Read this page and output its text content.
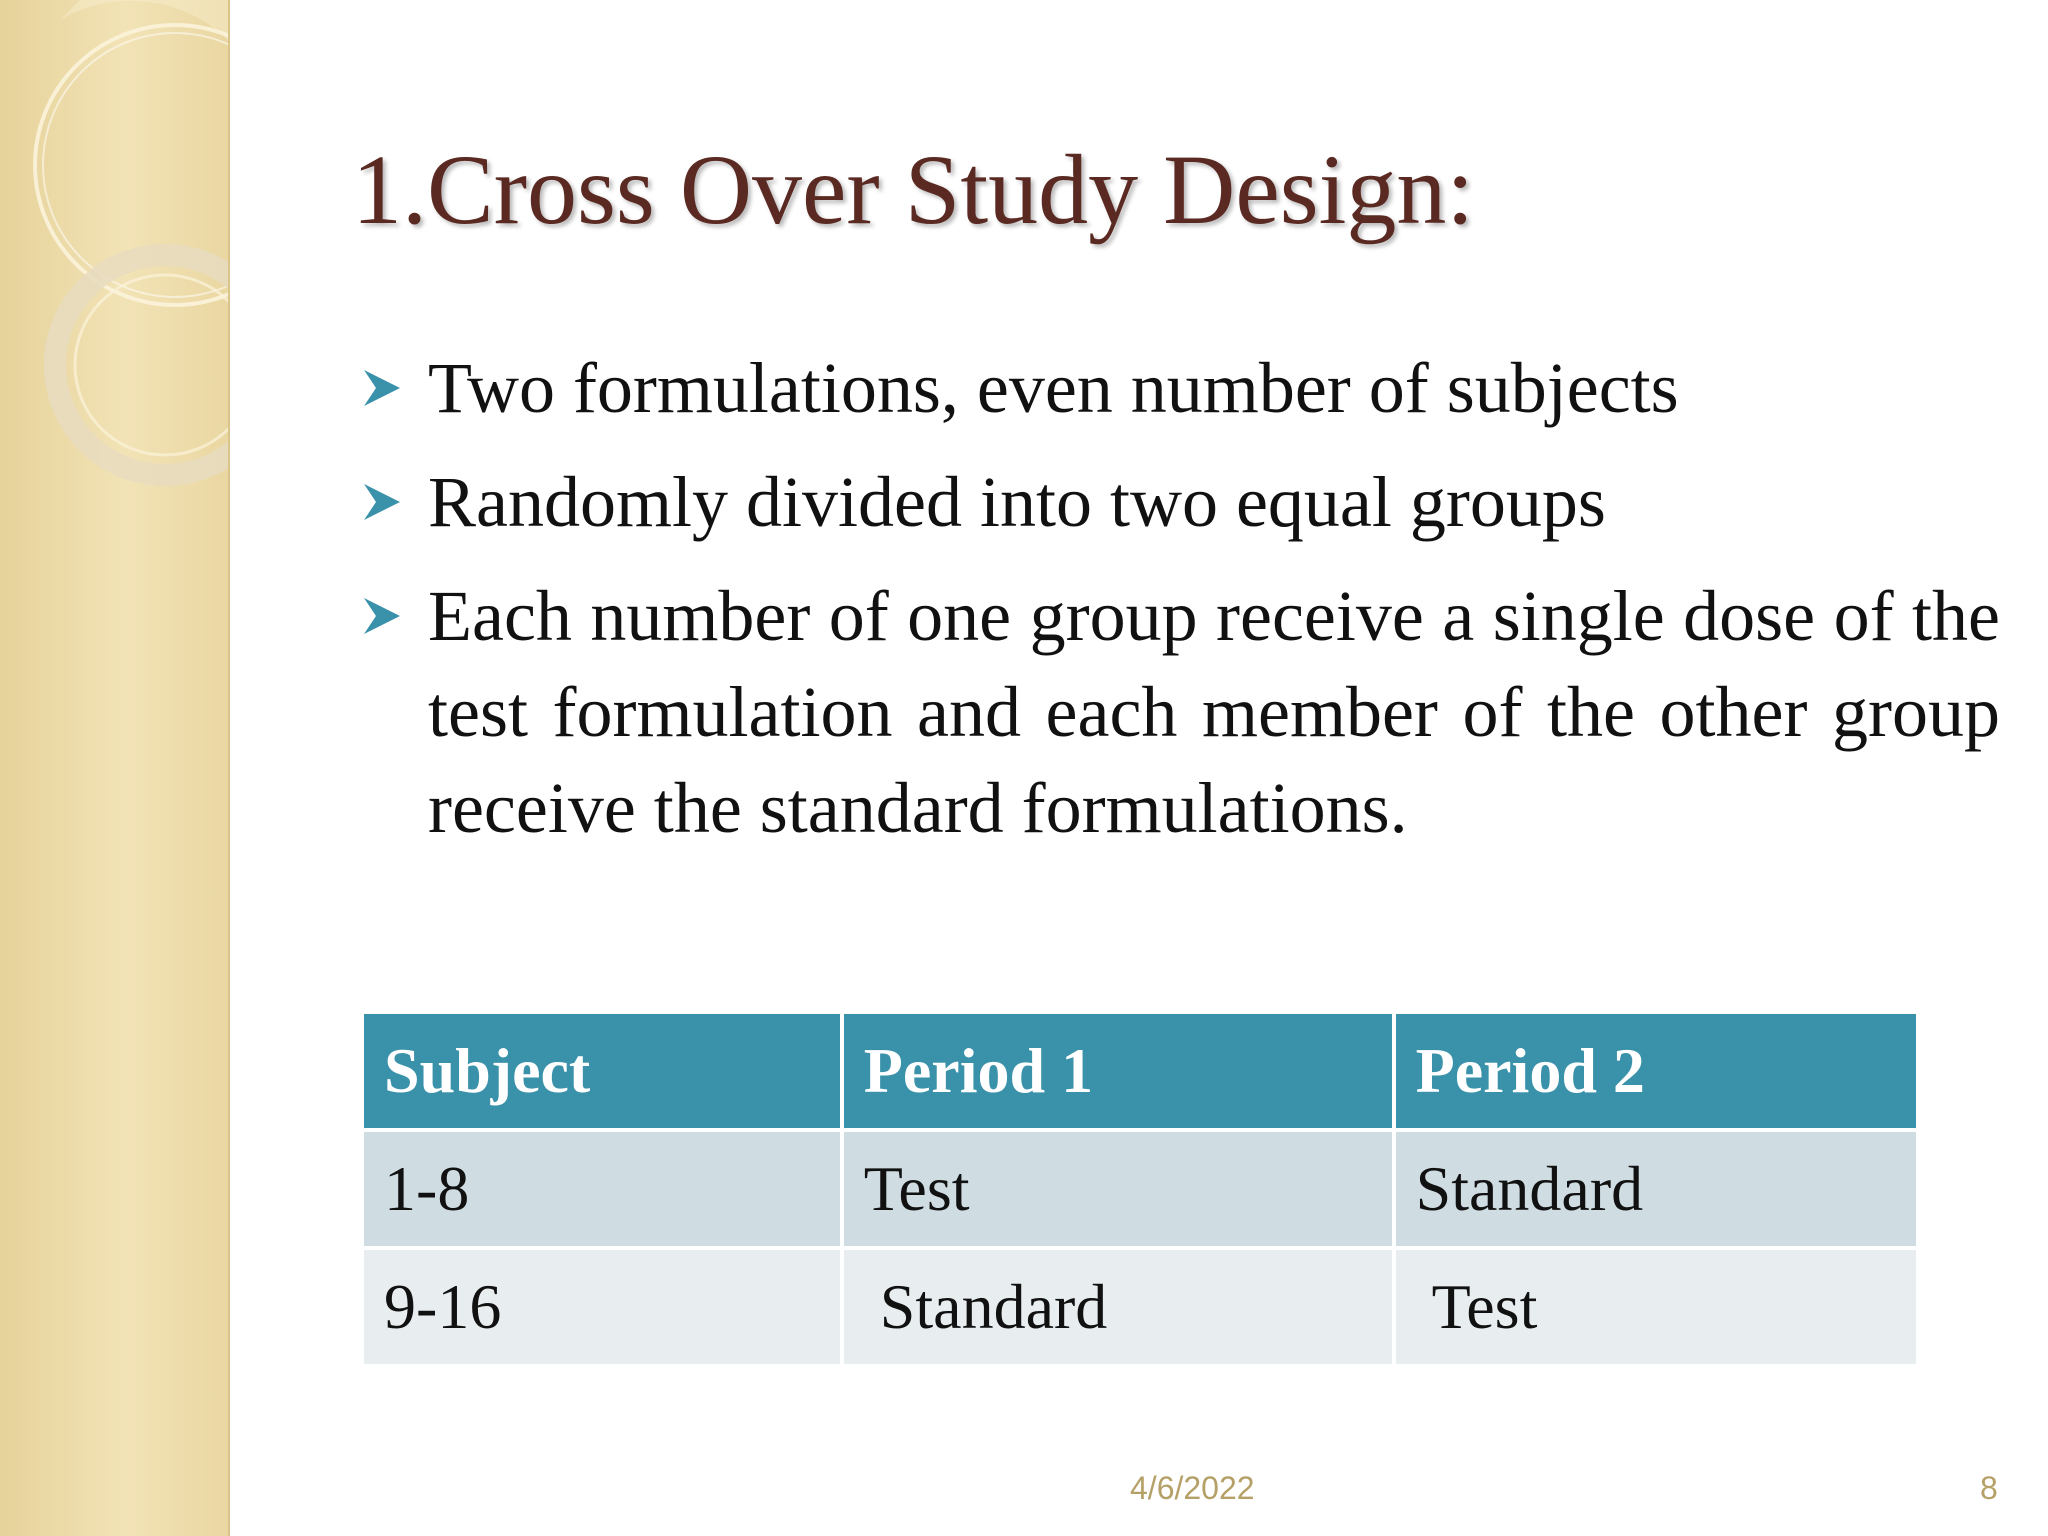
1.Cross Over Study Design:
Two formulations, even number of subjects
Randomly divided into two equal groups
Each number of one group receive a single dose of the test formulation and each member of the other group receive the standard formulations.
Subject	Period 1	Period 2
1-8	Test	Standard
9-16	Standard	Test
4/6/2022	8
